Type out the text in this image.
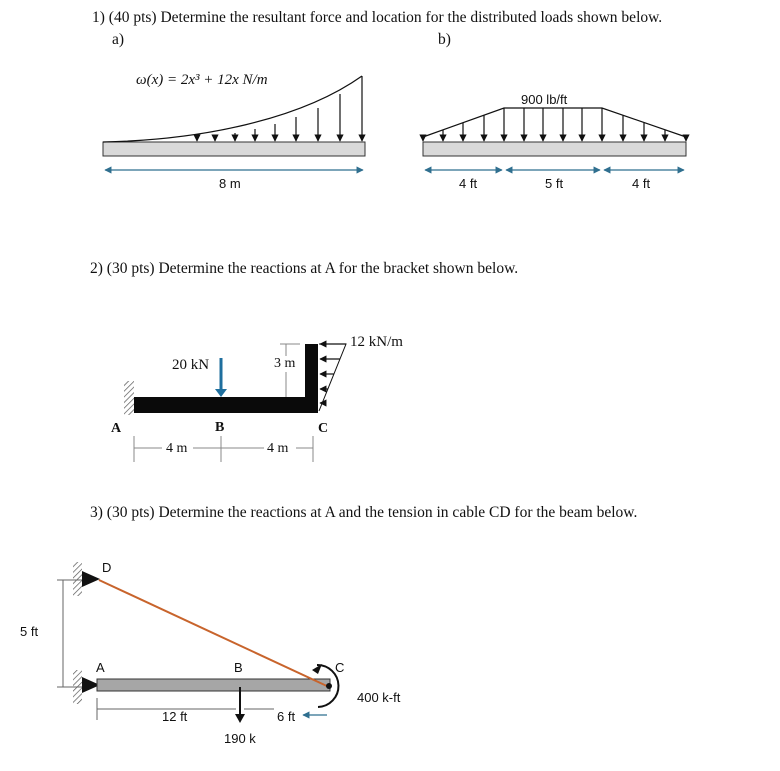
1) (40 pts) Determine the resultant force and location for the distributed loads shown below.
a)	b)
ω(x) = 2x³ + 12x N/m
8 m
900 lb/ft
4 ft	5 ft	4 ft
2) (30 pts) Determine the reactions at A for the bracket shown below.
20 kN
12 kN/m
3 m
A	B	C
4 m	4 m
3) (30 pts) Determine the reactions at A and the tension in cable CD for the beam below.
D
A	B	C
5 ft
12 ft	6 ft
190 k
400 k-ft
